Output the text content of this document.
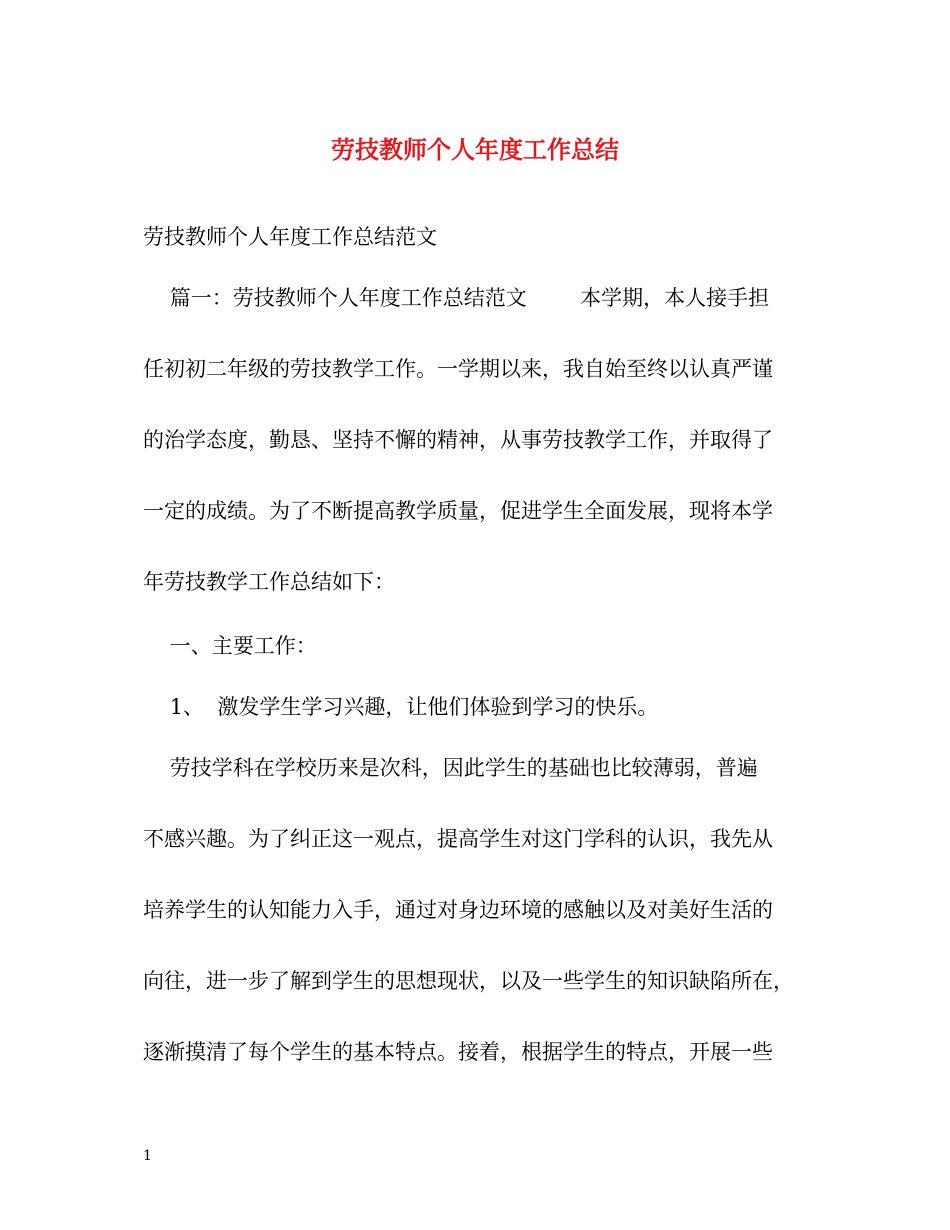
劳技教师个人年度工作总结
劳技教师个人年度工作总结范文
篇一：劳技教师个人年度工作总结范文        本学期，本人接手担
任初初二年级的劳技教学工作。一学期以来，我自始至终以认真严谨
的治学态度，勤恳、坚持不懈的精神，从事劳技教学工作，并取得了
一定的成绩。为了不断提高教学质量，促进学生全面发展，现将本学
年劳技教学工作总结如下：
一、主要工作：
1、  激发学生学习兴趣，让他们体验到学习的快乐。
劳技学科在学校历来是次科，因此学生的基础也比较薄弱，普遍
不感兴趣。为了纠正这一观点，提高学生对这门学科的认识，我先从
培养学生的认知能力入手，通过对身边环境的感触以及对美好生活的
向往，进一步了解到学生的思想现状，以及一些学生的知识缺陷所在，
逐渐摸清了每个学生的基本特点。接着，根据学生的特点，开展一些
1
